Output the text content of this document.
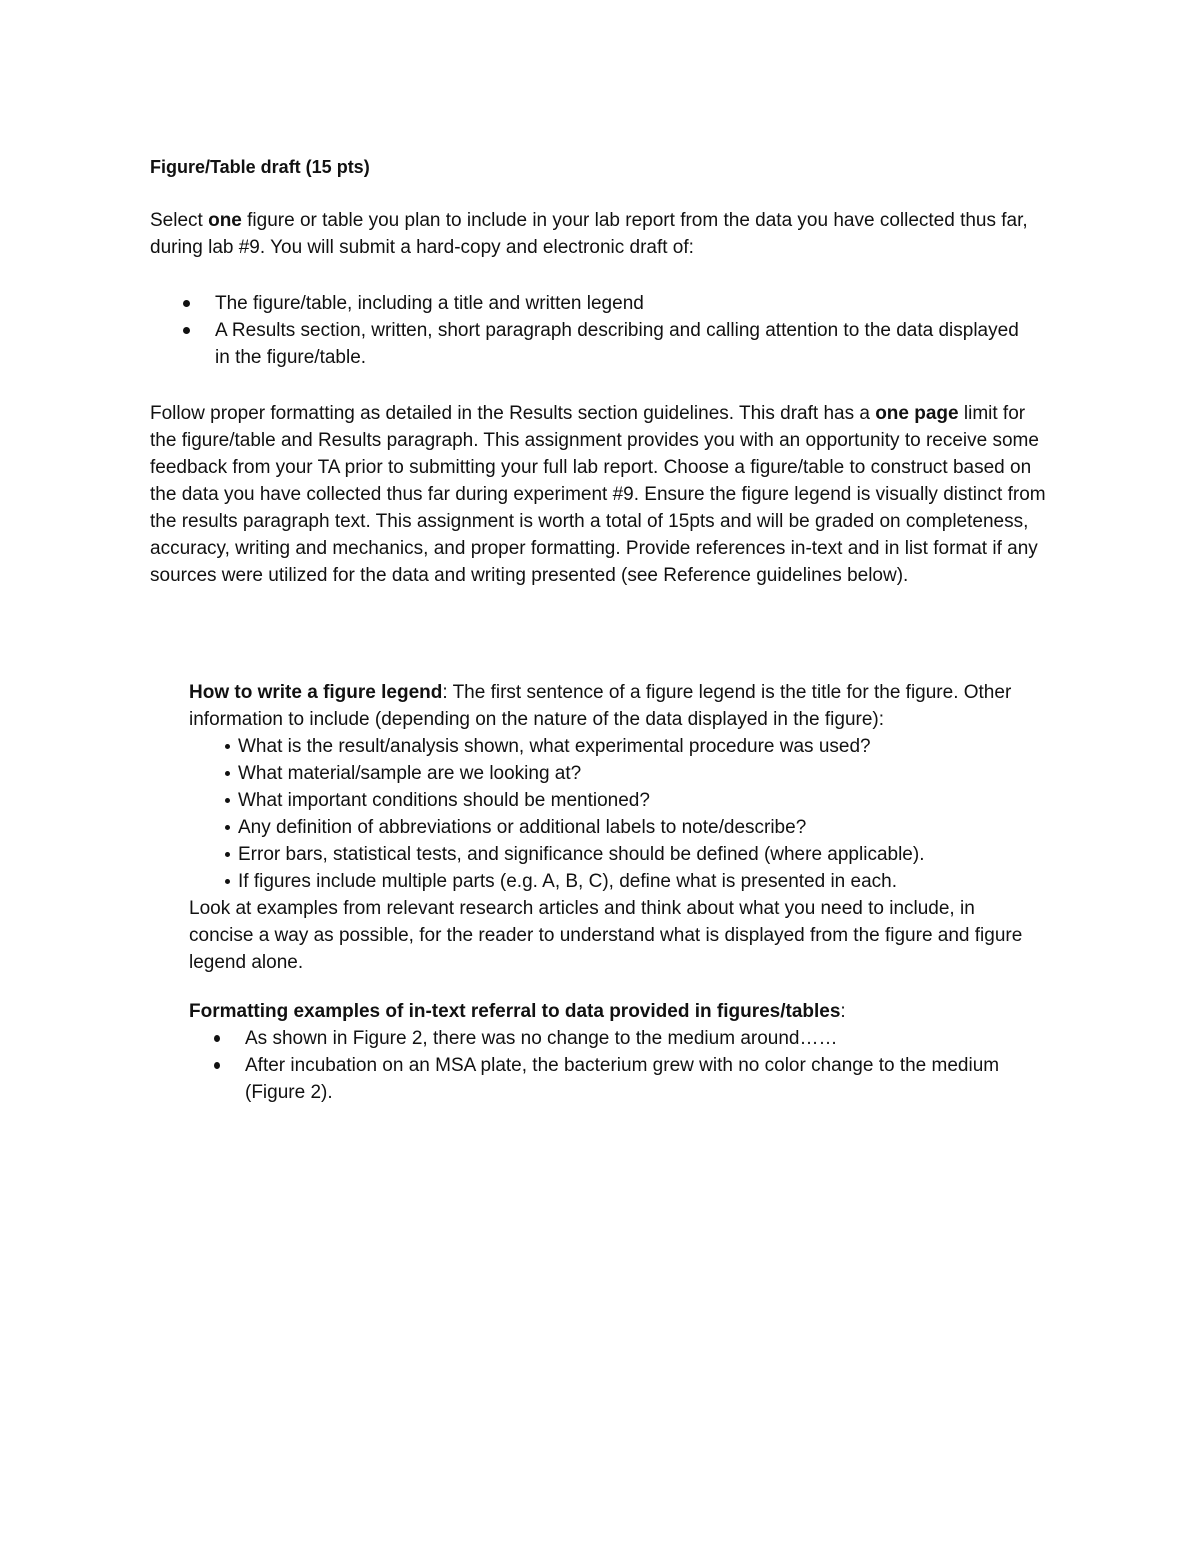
Figure/Table draft (15 pts)

Select one figure or table you plan to include in your lab report from the data you have collected thus far, during lab #9. You will submit a hard-copy and electronic draft of:

The figure/table, including a title and written legend
A Results section, written, short paragraph describing and calling attention to the data displayed in the figure/table.

Follow proper formatting as detailed in the Results section guidelines. This draft has a one page limit for the figure/table and Results paragraph. This assignment provides you with an opportunity to receive some feedback from your TA prior to submitting your full lab report. Choose a figure/table to construct based on the data you have collected thus far during experiment #9. Ensure the figure legend is visually distinct from the results paragraph text. This assignment is worth a total of 15pts and will be graded on completeness, accuracy, writing and mechanics, and proper formatting. Provide references in-text and in list format if any sources were utilized for the data and writing presented (see Reference guidelines below).

How to write a figure legend: The first sentence of a figure legend is the title for the figure. Other information to include (depending on the nature of the data displayed in the figure):
What is the result/analysis shown, what experimental procedure was used?
What material/sample are we looking at?
What important conditions should be mentioned?
Any definition of abbreviations or additional labels to note/describe?
Error bars, statistical tests, and significance should be defined (where applicable).
If figures include multiple parts (e.g. A, B, C), define what is presented in each.
Look at examples from relevant research articles and think about what you need to include, in concise a way as possible, for the reader to understand what is displayed from the figure and figure legend alone.
Formatting examples of in-text referral to data provided in figures/tables:
As shown in Figure 2, there was no change to the medium around……
After incubation on an MSA plate, the bacterium grew with no color change to the medium (Figure 2).
